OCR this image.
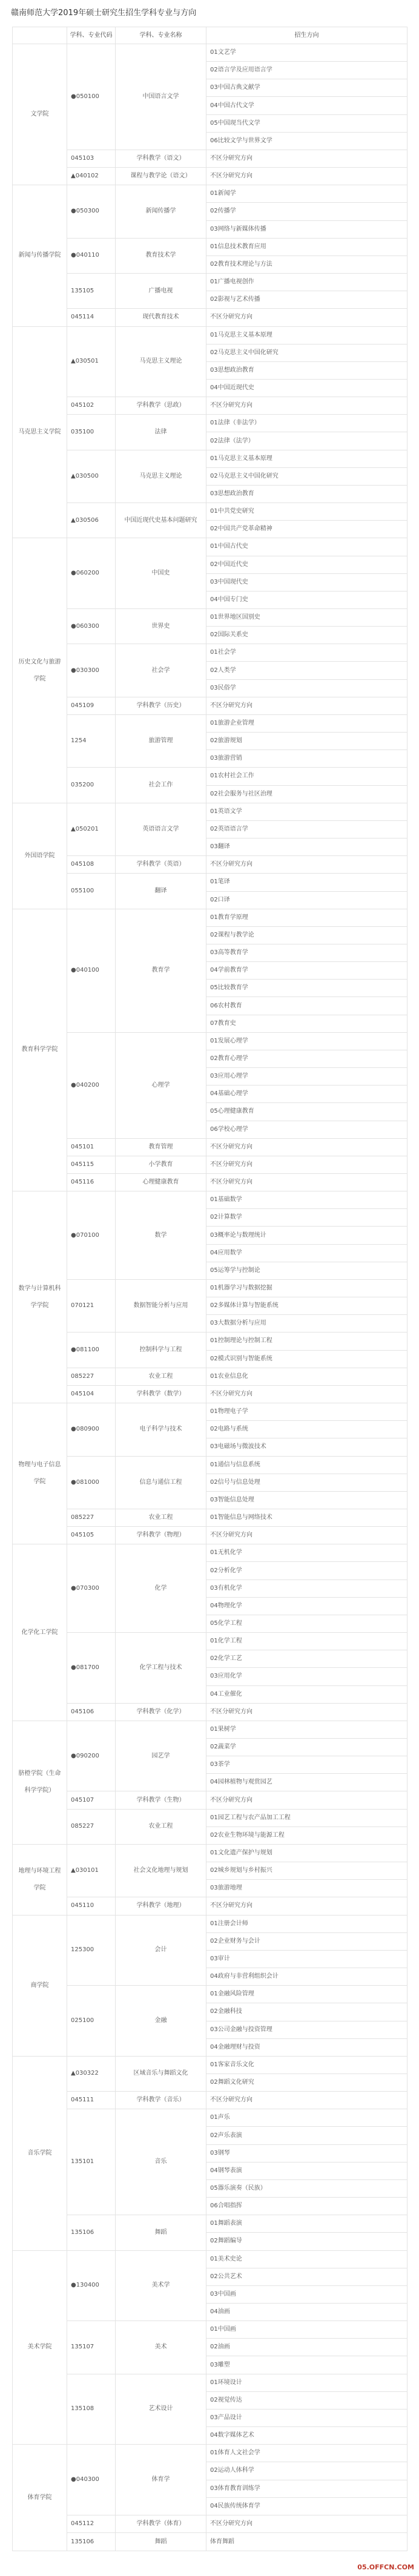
赣南师范大学2019年硕士研究生招生学科专业与方向
	学科、专业代码	学科、专业名称	招生方向
文学院	●050100	中国语言文学	01文艺学
			02语言学及应用语言学
			03中国古典文献学
			04中国古代文学
			05中国现当代文学
			06比较文学与世界文学
	045103	学科教学（语文）	不区分研究方向
	▲040102	课程与教学论（语文）	不区分研究方向
新闻与传播学院	●050300	新闻传播学	01新闻学
			02传播学
			03网络与新媒体传播
	●040110	教育技术学	01信息技术教育应用
			02教育技术理论与方法
	135105	广播电视	01广播电视创作
			02影视与艺术传播
	045114	现代教育技术	不区分研究方向
马克思主义学院	▲030501	马克思主义理论	01马克思主义基本原理
			02马克思主义中国化研究
			03思想政治教育
			04中国近现代史
	045102	学科教学（思政）	不区分研究方向
	035100	法律	01法律（非法学）
			02法律（法学）
	▲030500	马克思主义理论	01马克思主义基本原理
			02马克思主义中国化研究
			03思想政治教育
	▲030506	中国近现代史基本问题研究	01中共党史研究
			02中国共产党革命精神
历史文化与旅游学院	●060200	中国史	01中国古代史
			02中国近代史
			03中国现代史
			04中国专门史
	●060300	世界史	01世界地区国别史
			02国际关系史
	●030300	社会学	01社会学
			02人类学
			03民俗学
	045109	学科教学（历史）	不区分研究方向
	1254	旅游管理	01旅游企业管理
			02旅游规划
			03旅游营销
	035200	社会工作	01农村社会工作
			02社会服务与社区治理
外国语学院	▲050201	英语语言文学	01英语文学
			02英语语言学
			03翻译
	045108	学科教学（英语）	不区分研究方向
	055100	翻译	01笔译
			02口译
教育科学学院	●040100	教育学	01教育学原理
			02课程与教学论
			03高等教育学
			04学前教育学
			05比较教育学
			06农村教育
			07教育史
	●040200	心理学	01发展心理学
			02教育心理学
			03应用心理学
			04基础心理学
			05心理健康教育
			06学校心理学
	045101	教育管理	不区分研究方向
	045115	小学教育	不区分研究方向
	045116	心理健康教育	不区分研究方向
数学与计算机科学学院	●070100	数学	01基础数学
			02计算数学
			03概率论与数理统计
			04应用数学
			05运筹学与控制论
	070121	数据智能分析与应用	01机器学习与数据挖掘
			02多媒体计算与智能系统
			03大数据分析与应用
	●081100	控制科学与工程	01控制理论与控制工程
			02模式识别与智能系统
	085227	农业工程	01农业信息化
	045104	学科教学（数学）	不区分研究方向
物理与电子信息学院	●080900	电子科学与技术	01物理电子学
			02电路与系统
			03电磁场与微波技术
	●081000	信息与通信工程	01通信与信息系统
			02信号与信息处理
			03智能信息处理
	085227	农业工程	01智能信息与网络技术
	045105	学科教学（物理）	不区分研究方向
化学化工学院	●070300	化学	01无机化学
			02分析化学
			03有机化学
			04物理化学
			05化学工程
	●081700	化学工程与技术	01化学工程
			02化学工艺
			03应用化学
			04工业催化
	045106	学科教学（化学）	不区分研究方向
脐橙学院（生命科学学院）	●090200	园艺学	01果树学
			02蔬菜学
			03茶学
			04园林植物与观赏园艺
	045107	学科教学（生物）	不区分研究方向
	085227	农业工程	01园艺工程与农产品加工工程
			02农业生物环境与能源工程
地理与环境工程学院	▲030101	社会文化地理与规划	01文化遗产保护与规划
			02城乡规划与乡村振兴
			03旅游地理
	045110	学科教学（地理）	不区分研究方向
商学院	125300	会计	01注册会计师
			02企业财务与会计
			03审计
			04政府与非营利组织会计
	025100	金融	01金融风险管理
			02金融科技
			03公司金融与投资管理
			04金融理财与投资
音乐学院	▲030322	区域音乐与舞蹈文化	01客家音乐文化
			02舞蹈文化研究
	045111	学科教学（音乐）	不区分研究方向
	135101	音乐	01声乐
			02声乐表演
			03钢琴
			04钢琴表演
			05器乐演奏（民族）
			06合唱指挥
	135106	舞蹈	01舞蹈表演
			02舞蹈编导
美术学院	●130400	美术学	01美术史论
			02公共艺术
			03中国画
			04油画
	135107	美术	01中国画
			02油画
			03雕塑
	135108	艺术设计	01环境设计
			02视觉传达
			03产品设计
			04数字媒体艺术
体育学院	●040300	体育学	01体育人文社会学
			02运动人体科学
			03体育教育训练学
			04民族传统体育学
	045112	学科教学（体育）	不区分研究方向
	135106	舞蹈	体育舞蹈
05.OFFCN.COM
